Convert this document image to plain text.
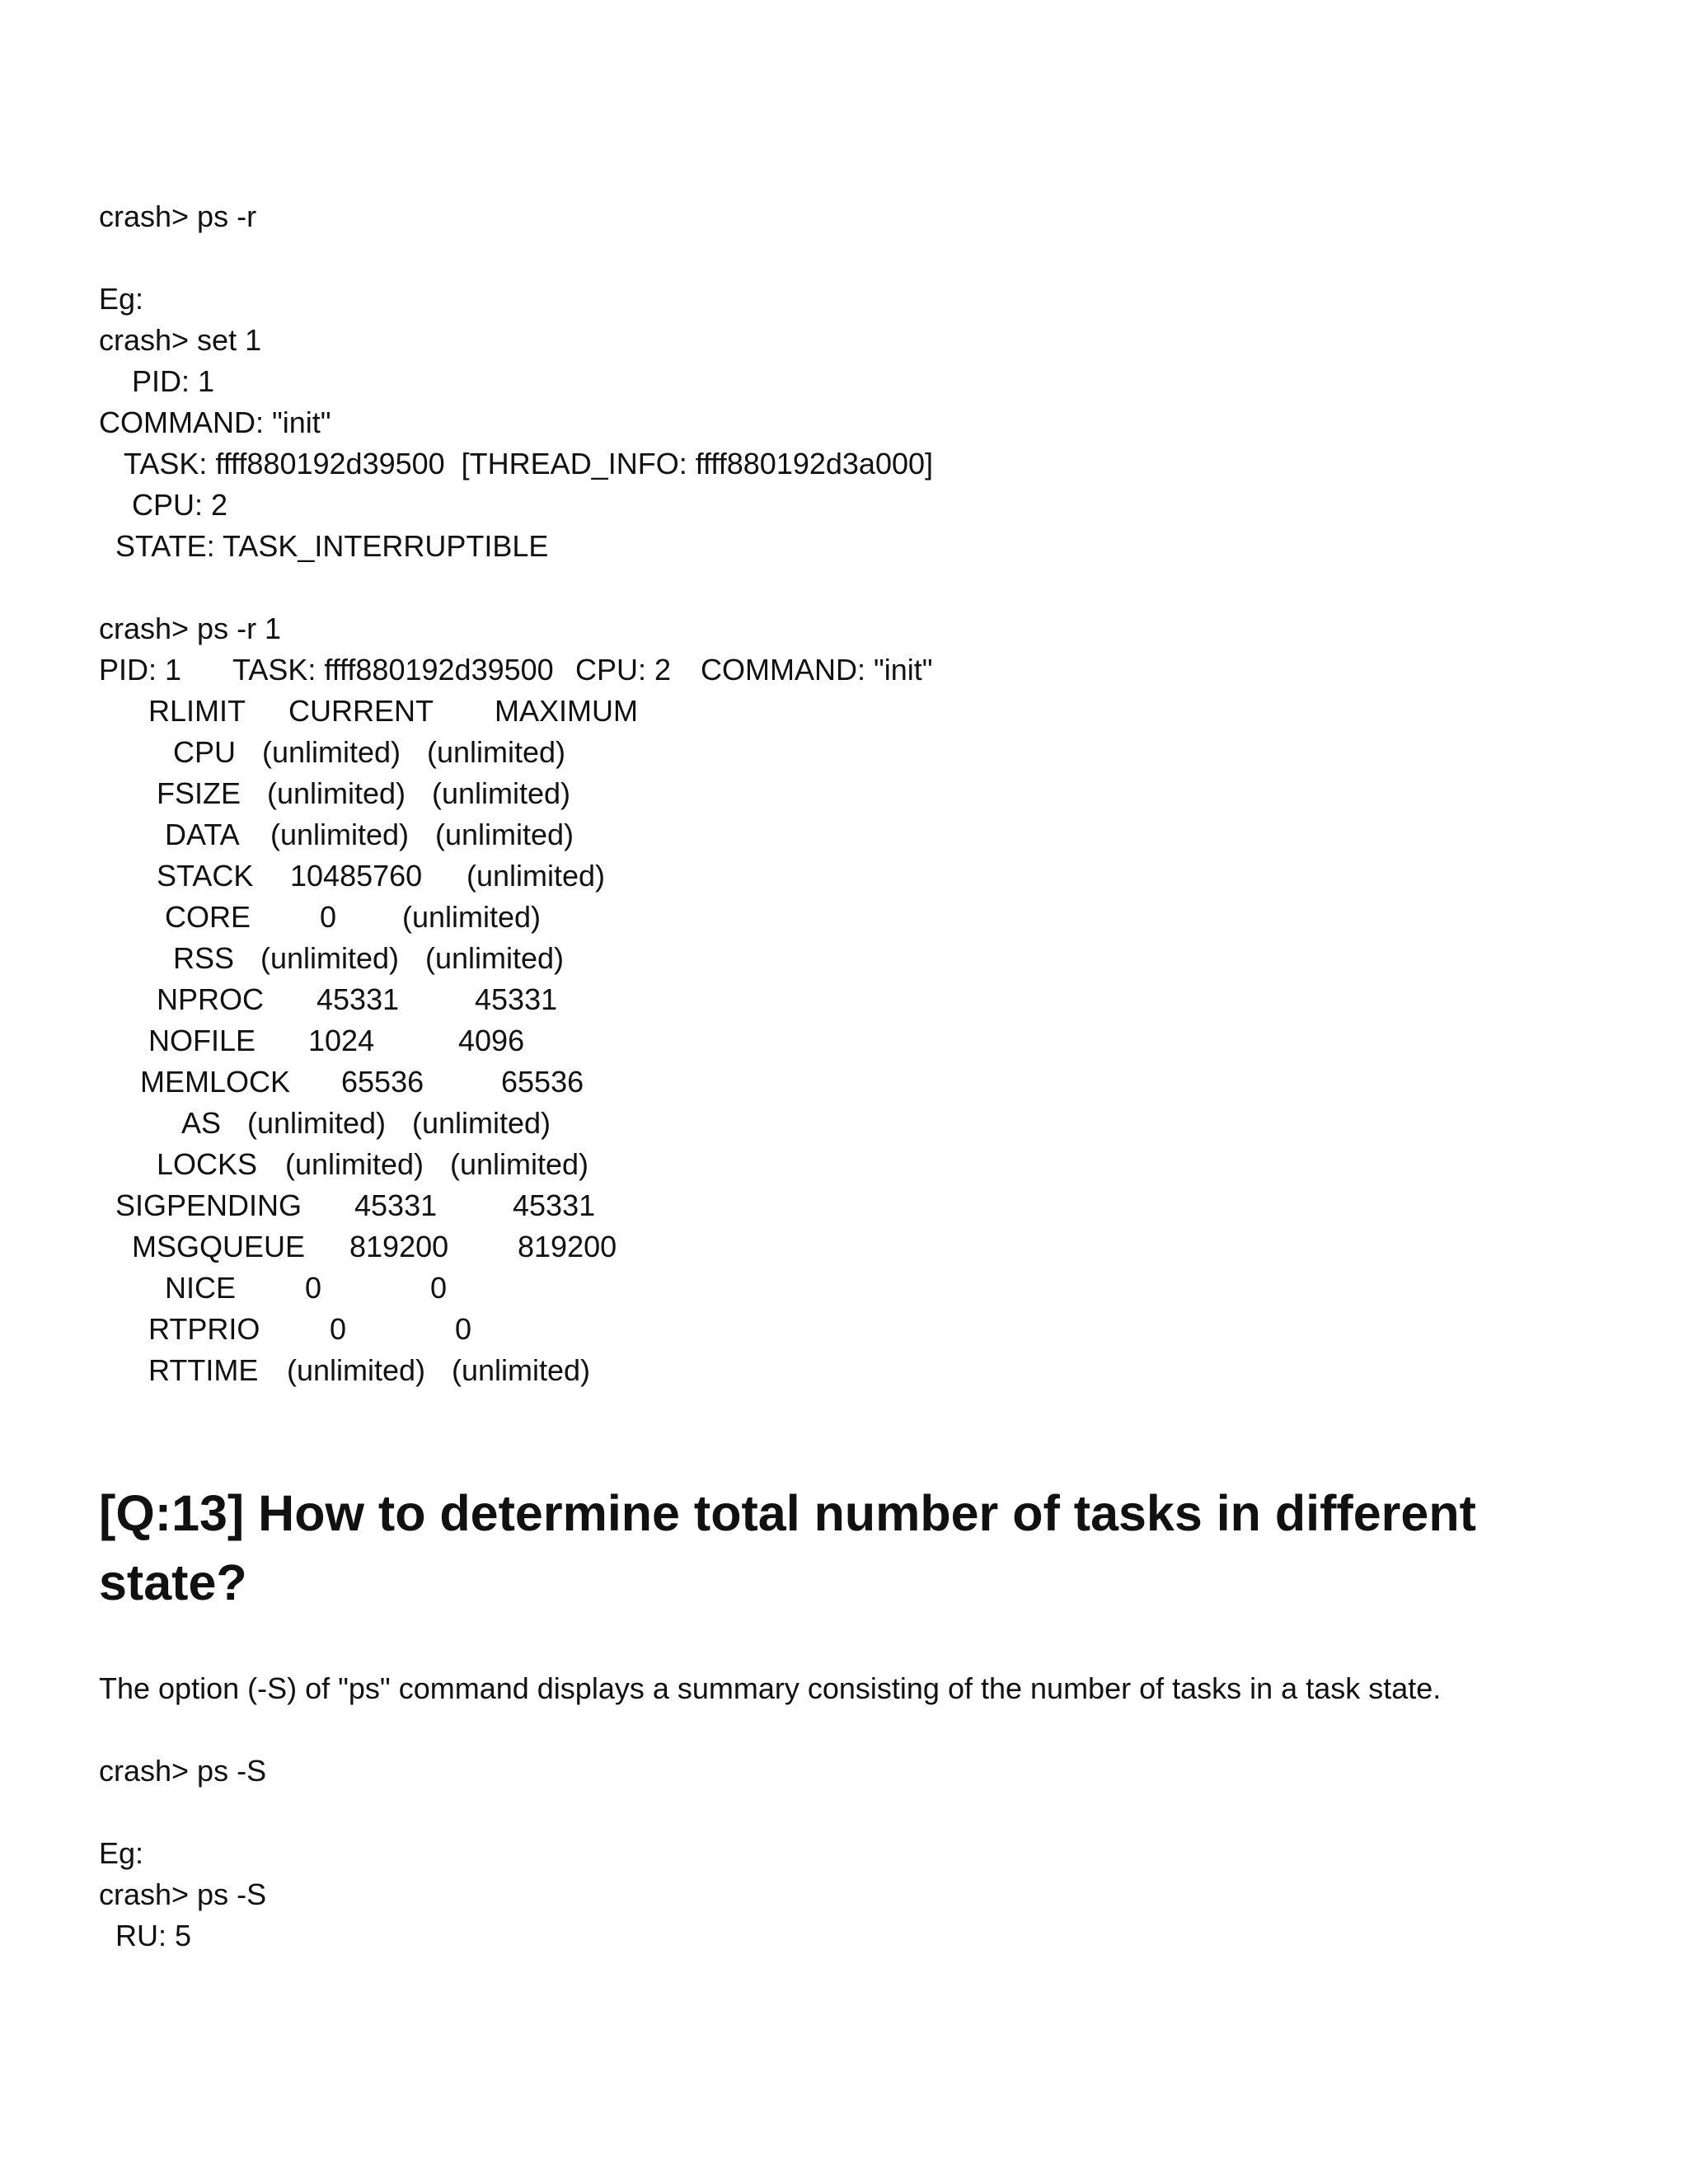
crash> ps -r
Eg:
crash> set 1
PID: 1
COMMAND: "init"
TASK: ffff880192d39500  [THREAD_INFO: ffff880192d3a000]
CPU: 2
STATE: TASK_INTERRUPTIBLE
crash> ps -r 1
PID: 1 TASK: ffff880192d39500 CPU: 2 COMMAND: "init"
RLIMIT CURRENT MAXIMUM
CPU (unlimited) (unlimited)
FSIZE (unlimited) (unlimited)
DATA (unlimited) (unlimited)
STACK 10485760 (unlimited)
CORE 0 (unlimited)
RSS (unlimited) (unlimited)
NPROC 45331	45331
NOFILE 1024	4096
MEMLOCK 65536	65536
AS (unlimited) (unlimited)
LOCKS (unlimited) (unlimited)
SIGPENDING 45331	45331
MSGQUEUE 819200 819200
NICE 0	0
RTPRIO 0	0
RTTIME (unlimited) (unlimited)
[Q:13] How to determine total number of tasks in different state?
The option (-S) of "ps" command displays a summary consisting of the number of tasks in a task state.
crash> ps -S
Eg:
crash> ps -S
RU: 5
